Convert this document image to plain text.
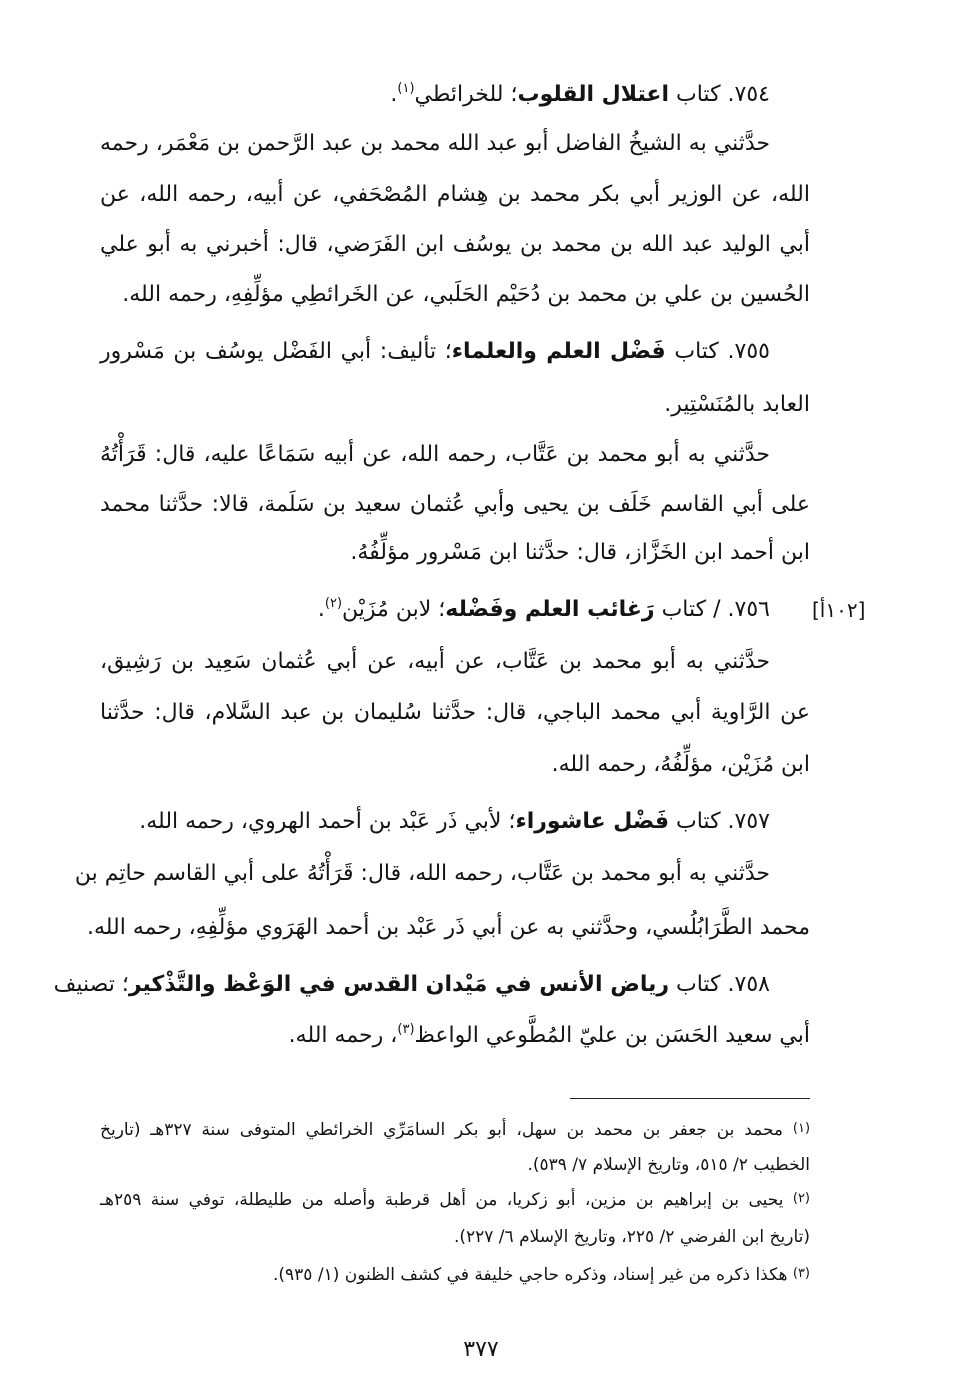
٧٥٤. كتاب اعتلال القلوب؛ للخرائطي$^{(١)}$.
حدَّثني به الشيخُ الفاضل أبو عبد الله محمد بن عبد الرَّحمن بن مَعْمَر، رحمه
الله، عن الوزير أبي بكر محمد بن هِشام المُصْحَفي، عن أبيه، رحمه الله، عن
أبي الوليد عبد الله بن محمد بن يوسُف ابن الفَرَضي، قال: أخبرني به أبو علي
الحُسين بن علي بن محمد بن دُحَيْم الحَلَبي، عن الخَرائطِي مؤلِّفِهِ، رحمه الله.
٧٥٥. كتاب فَضْل العلم والعلماء؛ تأليف: أبي الفَضْل يوسُف بن مَسْرور
العابد بالمُنَسْتِير.
حدَّثني به أبو محمد بن عَتَّاب، رحمه الله، عن أبيه سَمَاعًا عليه، قال: قَرَأْتُهُ
على أبي القاسم خَلَف بن يحيى وأبي عُثمان سعيد بن سَلَمة، قالا: حدَّثنا محمد
ابن أحمد ابن الخَزَّاز، قال: حدَّثنا ابن مَسْرور مؤلِّفُهُ.
[١٠٢أ]
٧٥٦. / كتاب رَغائب العلم وفَضْله؛ لابن مُزَيْن$^{(٢)}$.
حدَّثني به أبو محمد بن عَتَّاب، عن أبيه، عن أبي عُثمان سَعِيد بن رَشِيق،
عن الرَّاوية أبي محمد الباجي، قال: حدَّثنا سُليمان بن عبد السَّلام، قال: حدَّثنا
ابن مُزَيْن، مؤلِّفُهُ، رحمه الله.
٧٥٧. كتاب فَضْل عاشوراء؛ لأبي ذَر عَبْد بن أحمد الهروي، رحمه الله.
حدَّثني به أبو محمد بن عَتَّاب، رحمه الله، قال: قَرَأْتُهُ على أبي القاسم حاتِم بن
محمد الطَّرَابُلُسي، وحدَّثني به عن أبي ذَر عَبْد بن أحمد الهَرَوي مؤلِّفِهِ، رحمه الله.
٧٥٨. كتاب رياض الأنس في مَيْدان القدس في الوَعْظ والتَّذْكير؛ تصنيف
أبي سعيد الحَسَن بن عليّ المُطَّوعي الواعظ$^{(٣)}$، رحمه الله.
(١) محمد بن جعفر بن محمد بن سهل، أبو بكر السامَرِّي الخرائطي المتوفى سنة ٣٢٧هـ (تاريخ
الخطيب ٢/ ٥١٥، وتاريخ الإسلام ٧/ ٥٣٩).
(٢) يحيى بن إبراهيم بن مزين، أبو زكريا، من أهل قرطبة وأصله من طليطلة، توفي سنة ٢٥٩هـ
(تاريخ ابن الفرضي ٢/ ٢٢٥، وتاريخ الإسلام ٦/ ٢٢٧).
(٣) هكذا ذكره من غير إسناد، وذكره حاجي خليفة في كشف الظنون (١/ ٩٣٥).
٣٧٧
